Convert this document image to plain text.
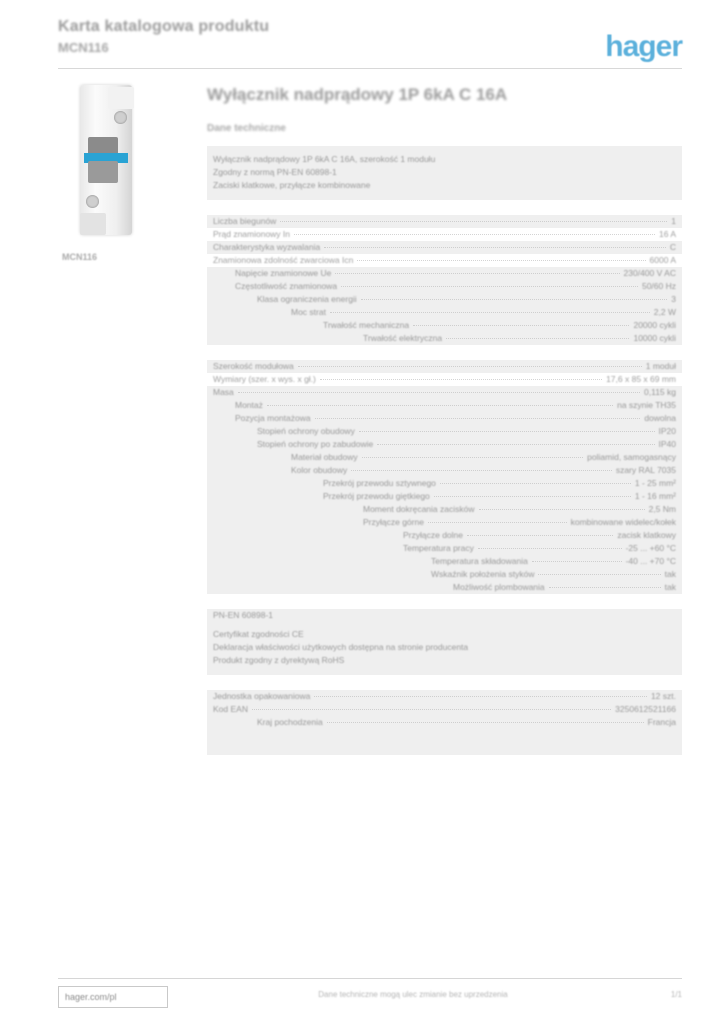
Karta katalogowa produktu
MCN116	hager
MCN116
Wyłącznik nadprądowy 1P 6kA C 16A
Dane techniczne
Wyłącznik nadprądowy 1P 6kA C 16A, szerokość 1 modułu
Zgodny z normą PN-EN 60898-1
Zaciski klatkowe, przyłącze kombinowane
Liczba biegunów	1
Prąd znamionowy In	16 A
Charakterystyka wyzwalania	C
Znamionowa zdolność zwarciowa Icn	6000 A
Napięcie znamionowe Ue	230/400 V AC
Częstotliwość znamionowa	50/60 Hz
Klasa ograniczenia energii	3
Moc strat	2,2 W
Trwałość mechaniczna	20000 cykli
Trwałość elektryczna	10000 cykli
Szerokość modułowa	1 moduł
Wymiary (szer. x wys. x gł.)	17,6 x 85 x 69 mm
Masa	0,115 kg
Montaż	na szynie TH35
Pozycja montażowa	dowolna
Stopień ochrony obudowy	IP20
Stopień ochrony po zabudowie	IP40
Materiał obudowy	poliamid, samogasnący
Kolor obudowy	szary RAL 7035
Przekrój przewodu sztywnego	1 - 25 mm²
Przekrój przewodu giętkiego	1 - 16 mm²
Moment dokręcania zacisków	2,5 Nm
Przyłącze górne	kombinowane widelec/kołek
Przyłącze dolne	zacisk klatkowy
Temperatura pracy	-25 ... +60 °C
Temperatura składowania	-40 ... +70 °C
Wskaźnik położenia styków	tak
Możliwość plombowania	tak
PN-EN 60898-1
Certyfikat zgodności CE
Deklaracja właściwości użytkowych dostępna na stronie producenta
Produkt zgodny z dyrektywą RoHS
Jednostka opakowaniowa	12 szt.
Kod EAN	3250612521166
Kraj pochodzenia	Francja
hager.com/pl	Dane techniczne mogą ulec zmianie bez uprzedzenia	1/1
